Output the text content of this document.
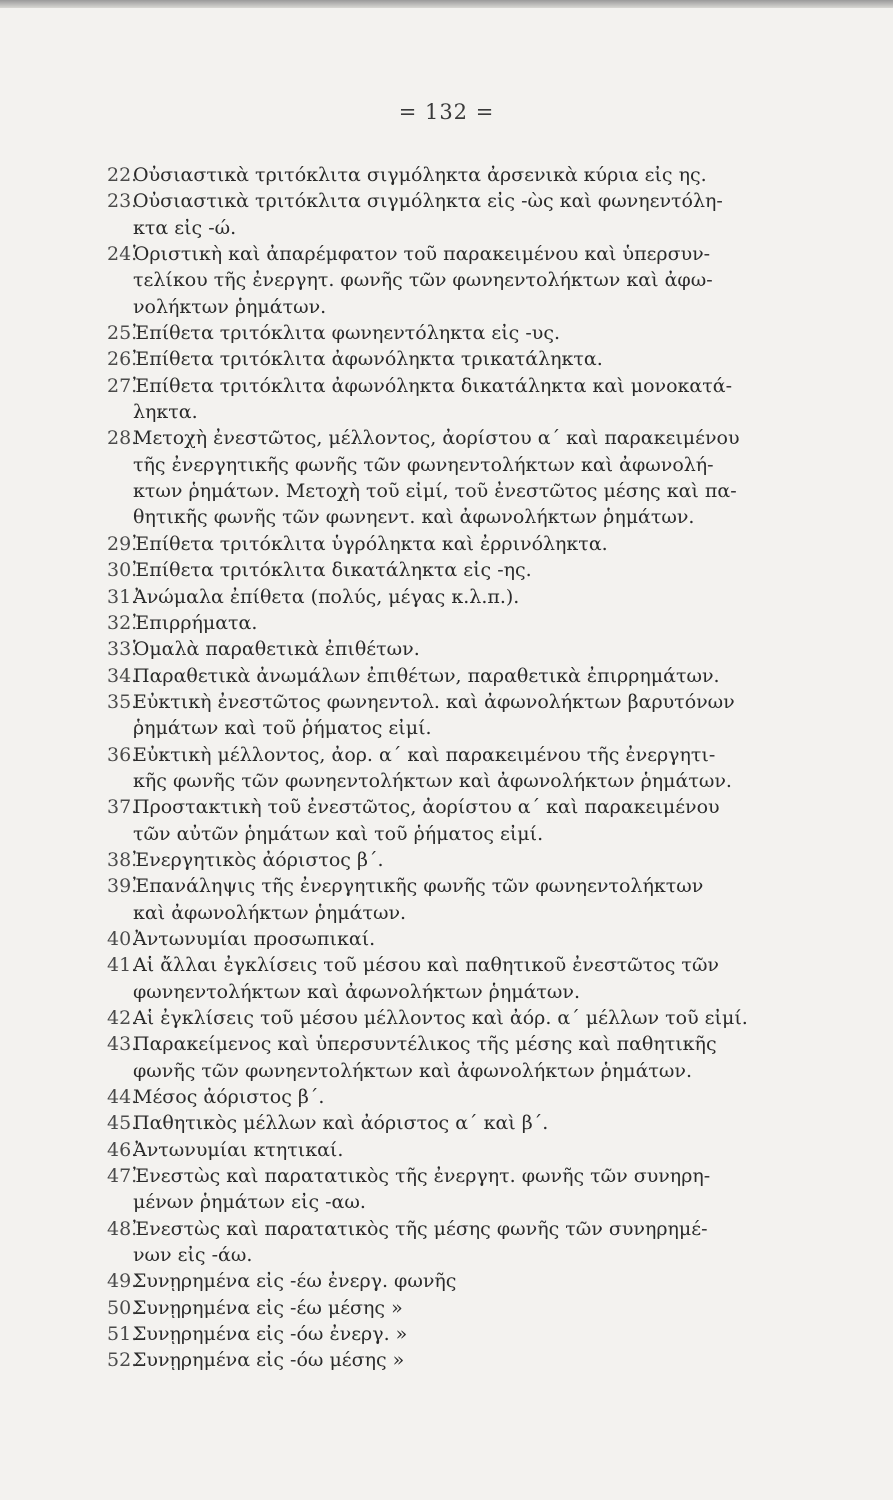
= 132 =
22.
Οὐσιαστικὰ τριτόκλιτα σιγμόληκτα ἀρσενικὰ κύρια εἰς ης.
23.
Οὐσιαστικὰ τριτόκλιτα σιγμόληκτα εἰς -ὼς καὶ φωνηεντόλη-
κτα εἰς -ώ.
24.
Ὁριστικὴ καὶ ἀπαρέμφατον τοῦ παρακειμένου καὶ ὑπερσυν-
τελίκου τῆς ἐνεργητ. φωνῆς τῶν φωνηεντολήκτων καὶ ἀφω-
νολήκτων ῥημάτων.
25.
Ἐπίθετα τριτόκλιτα φωνηεντόληκτα εἰς -υς.
26.
Ἐπίθετα τριτόκλιτα ἀφωνόληκτα τρικατάληκτα.
27.
Ἐπίθετα τριτόκλιτα ἀφωνόληκτα δικατάληκτα καὶ μονοκατά-
ληκτα.
28.
Μετοχὴ ἐνεστῶτος, μέλλοντος, ἀορίστου α΄ καὶ παρακειμένου
τῆς ἐνεργητικῆς φωνῆς τῶν φωνηεντολήκτων καὶ ἀφωνολή-
κτων ῥημάτων. Μετοχὴ τοῦ εἰμί, τοῦ ἐνεστῶτος μέσης καὶ πα-
θητικῆς φωνῆς τῶν φωνηεντ. καὶ ἀφωνολήκτων ῥημάτων.
29.
Ἐπίθετα τριτόκλιτα ὑγρόληκτα καὶ ἐρρινόληκτα.
30.
Ἐπίθετα τριτόκλιτα δικατάληκτα εἰς -ης.
31.
Ἀνώμαλα ἐπίθετα (πολύς, μέγας κ.λ.π.).
32.
Ἐπιρρήματα.
33.
Ὁμαλὰ παραθετικὰ ἐπιθέτων.
34.
Παραθετικὰ ἀνωμάλων ἐπιθέτων, παραθετικὰ ἐπιρρημάτων.
35.
Εὐκτικὴ ἐνεστῶτος φωνηεντολ. καὶ ἀφωνολήκτων βαρυτόνων
ῥημάτων καὶ τοῦ ῥήματος εἰμί.
36.
Εὐκτικὴ μέλλοντος, ἀορ. α΄ καὶ παρακειμένου τῆς ἐνεργητι-
κῆς φωνῆς τῶν φωνηεντολήκτων καὶ ἀφωνολήκτων ῥημάτων.
37.
Προστακτικὴ τοῦ ἐνεστῶτος, ἀορίστου α΄ καὶ παρακειμένου
τῶν αὐτῶν ῥημάτων καὶ τοῦ ῥήματος εἰμί.
38.
Ἐνεργητικὸς ἀόριστος β΄.
39.
Ἐπανάληψις τῆς ἐνεργητικῆς φωνῆς τῶν φωνηεντολήκτων
καὶ ἀφωνολήκτων ῥημάτων.
40.
Ἀντωνυμίαι προσωπικαί.
41.
Αἱ ἄλλαι ἐγκλίσεις τοῦ μέσου καὶ παθητικοῦ ἐνεστῶτος τῶν
φωνηεντολήκτων καὶ ἀφωνολήκτων ῥημάτων.
42.
Αἱ ἐγκλίσεις τοῦ μέσου μέλλοντος καὶ ἀόρ. α΄ μέλλων τοῦ εἰμί.
43.
Παρακείμενος καὶ ὑπερσυντέλικος τῆς μέσης καὶ παθητικῆς
φωνῆς τῶν φωνηεντολήκτων καὶ ἀφωνολήκτων ῥημάτων.
44.
Μέσος ἀόριστος β΄.
45.
Παθητικὸς μέλλων καὶ ἀόριστος α΄ καὶ β΄.
46.
Ἀντωνυμίαι κτητικαί.
47.
Ἐνεστὼς καὶ παρατατικὸς τῆς ἐνεργητ. φωνῆς τῶν συνηρη-
μένων ῥημάτων εἰς -αω.
48.
Ἐνεστὼς καὶ παρατατικὸς τῆς μέσης φωνῆς τῶν συνηρημέ-
νων εἰς -άω.
49.
Συνῃρημένα εἰς -έω ἐνεργ. φωνῆς
50.
Συνῃρημένα εἰς -έω μέσης »
51.
Συνῃρημένα εἰς -όω ἐνεργ. »
52.
Συνῃρημένα εἰς -όω μέσης »
